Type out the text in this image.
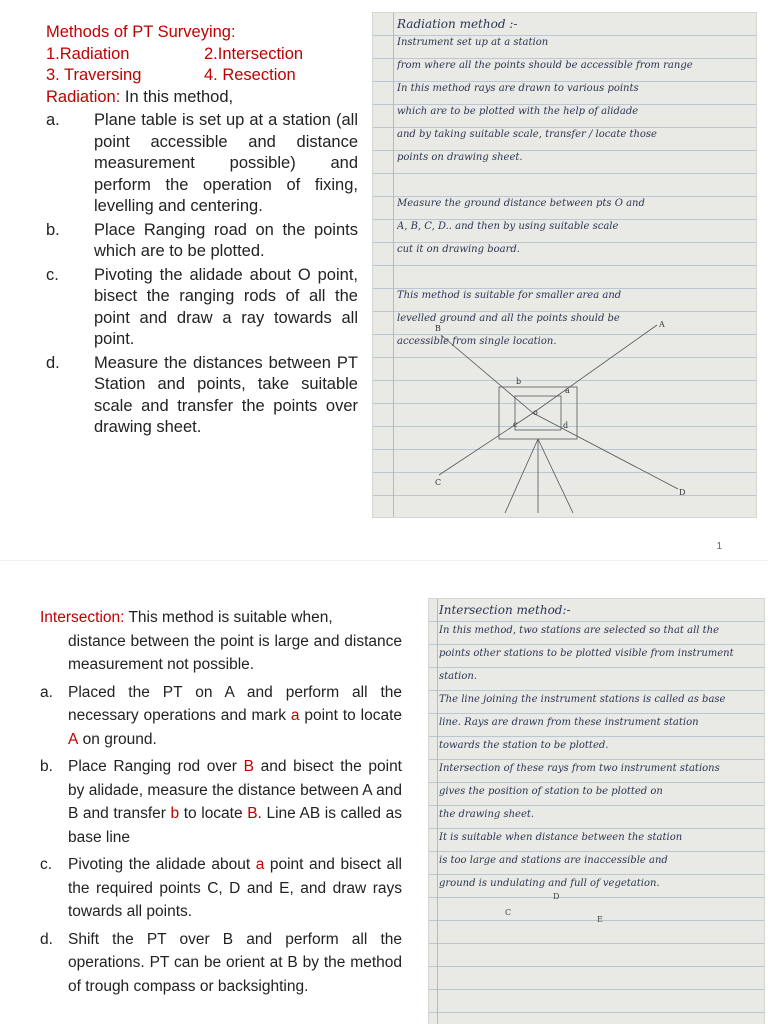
Methods of PT Surveying:
1.Radiation	2.Intersection
3. Traversing	4. Resection
Radiation: In this method,
a.	Plane table is set up at a station (all point accessible and distance measurement possible) and perform the operation of fixing, levelling and centering.
b.	Place Ranging road on the points which are to be plotted.
c.	Pivoting the alidade about O point, bisect the ranging rods of all the point and draw a ray towards all point.
d.	Measure the distances between PT Station and points, take suitable scale and transfer the points over drawing sheet.
Radiation method :-
Instrument set up at a station
from where all the points should be accessible from range
In this method rays are drawn to various points
which are to be plotted with the help of alidade
and by taking suitable scale, transfer / locate those
points on drawing sheet.
Measure the ground distance between pts O and
A, B, C, D.. and then by using suitable scale
cut it on drawing board.
This method is suitable for smaller area and
levelled ground and all the points should be
accessible from single location.
B	A
C
D
a
b
c	d
o
1
Intersection: This method is suitable when,
distance between the point is large and distance measurement not possible.
a. Placed the PT on A and perform all the necessary operations and mark a point to locate A on ground.
b. Place Ranging rod over B and bisect the point by alidade, measure the distance between A and B and transfer b to locate B. Line AB is called as base line
c.	Pivoting the alidade about a point and bisect all the required points C, D and E, and draw rays towards all points.
d. Shift the PT over B and perform all the operations. PT can be orient at B by the method of trough compass or backsighting.
Intersection method:-
In this method, two stations are selected so that all the
points other stations to be plotted visible from instrument
station.
The line joining the instrument stations is called as base
line. Rays are drawn from these instrument station
towards the station to be plotted.
Intersection of these rays from two instrument stations
gives the position of station to be plotted on
the drawing sheet.
It is suitable when distance between the station
is too large and stations are inaccessible and
ground is undulating and full of vegetation.
D
C
E
